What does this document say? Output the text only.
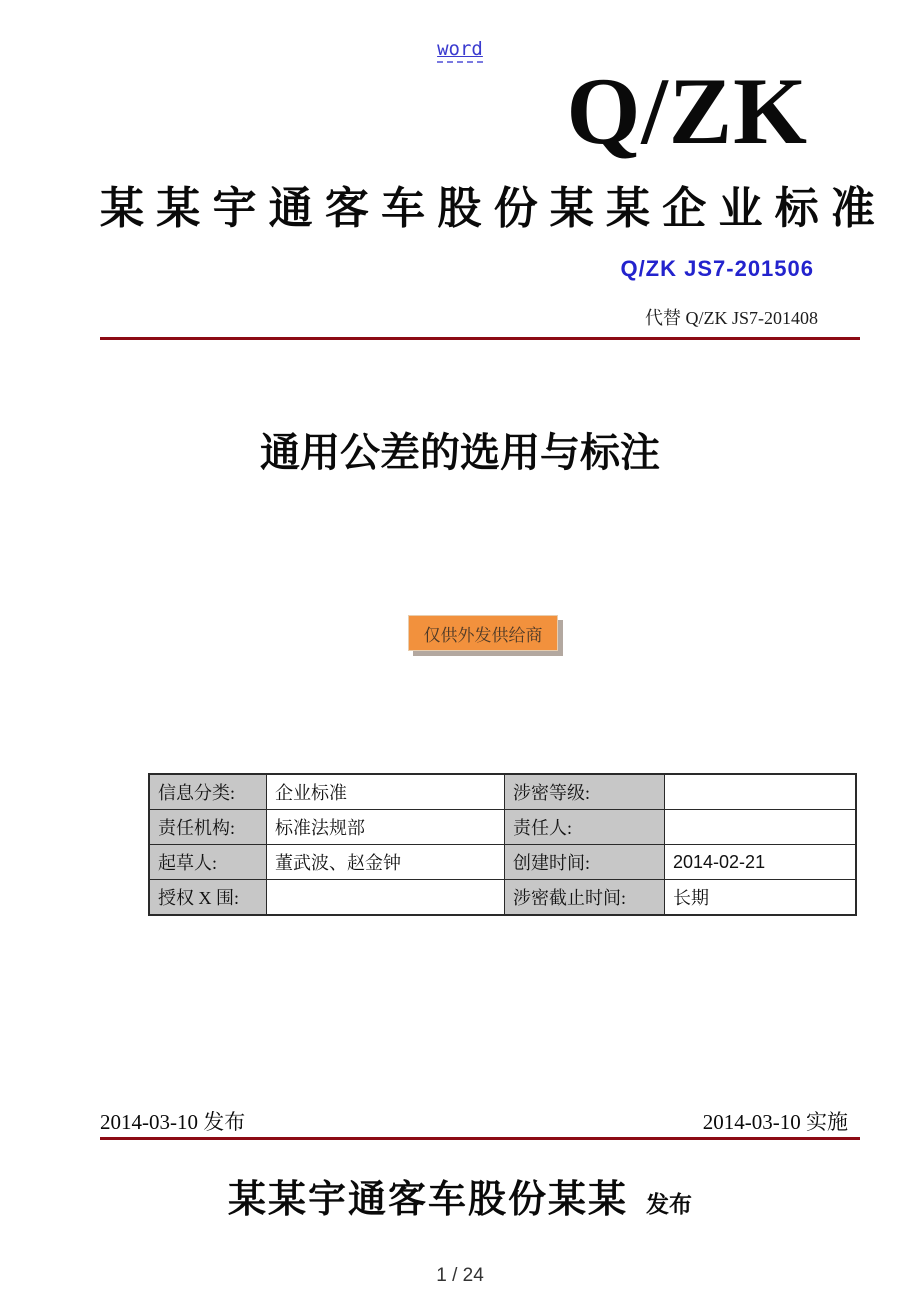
word
Q/ZK
某 某 宇 通 客 车 股 份 某 某 企 业 标 准
Q/ZK JS7-201506
代替 Q/ZK JS7-201408
通用公差的选用与标注
仅供外发供给商
信息分类:	企业标准	涉密等级:	
责任机构:	标准法规部	责任人:	
起草人:	董武波、赵金钟	创建时间:	2014-02-21
授权 X 围:		涉密截止时间:	长期
2014-03-10 发布	2014-03-10 实施
某某宇通客车股份某某 发布
1 / 24
